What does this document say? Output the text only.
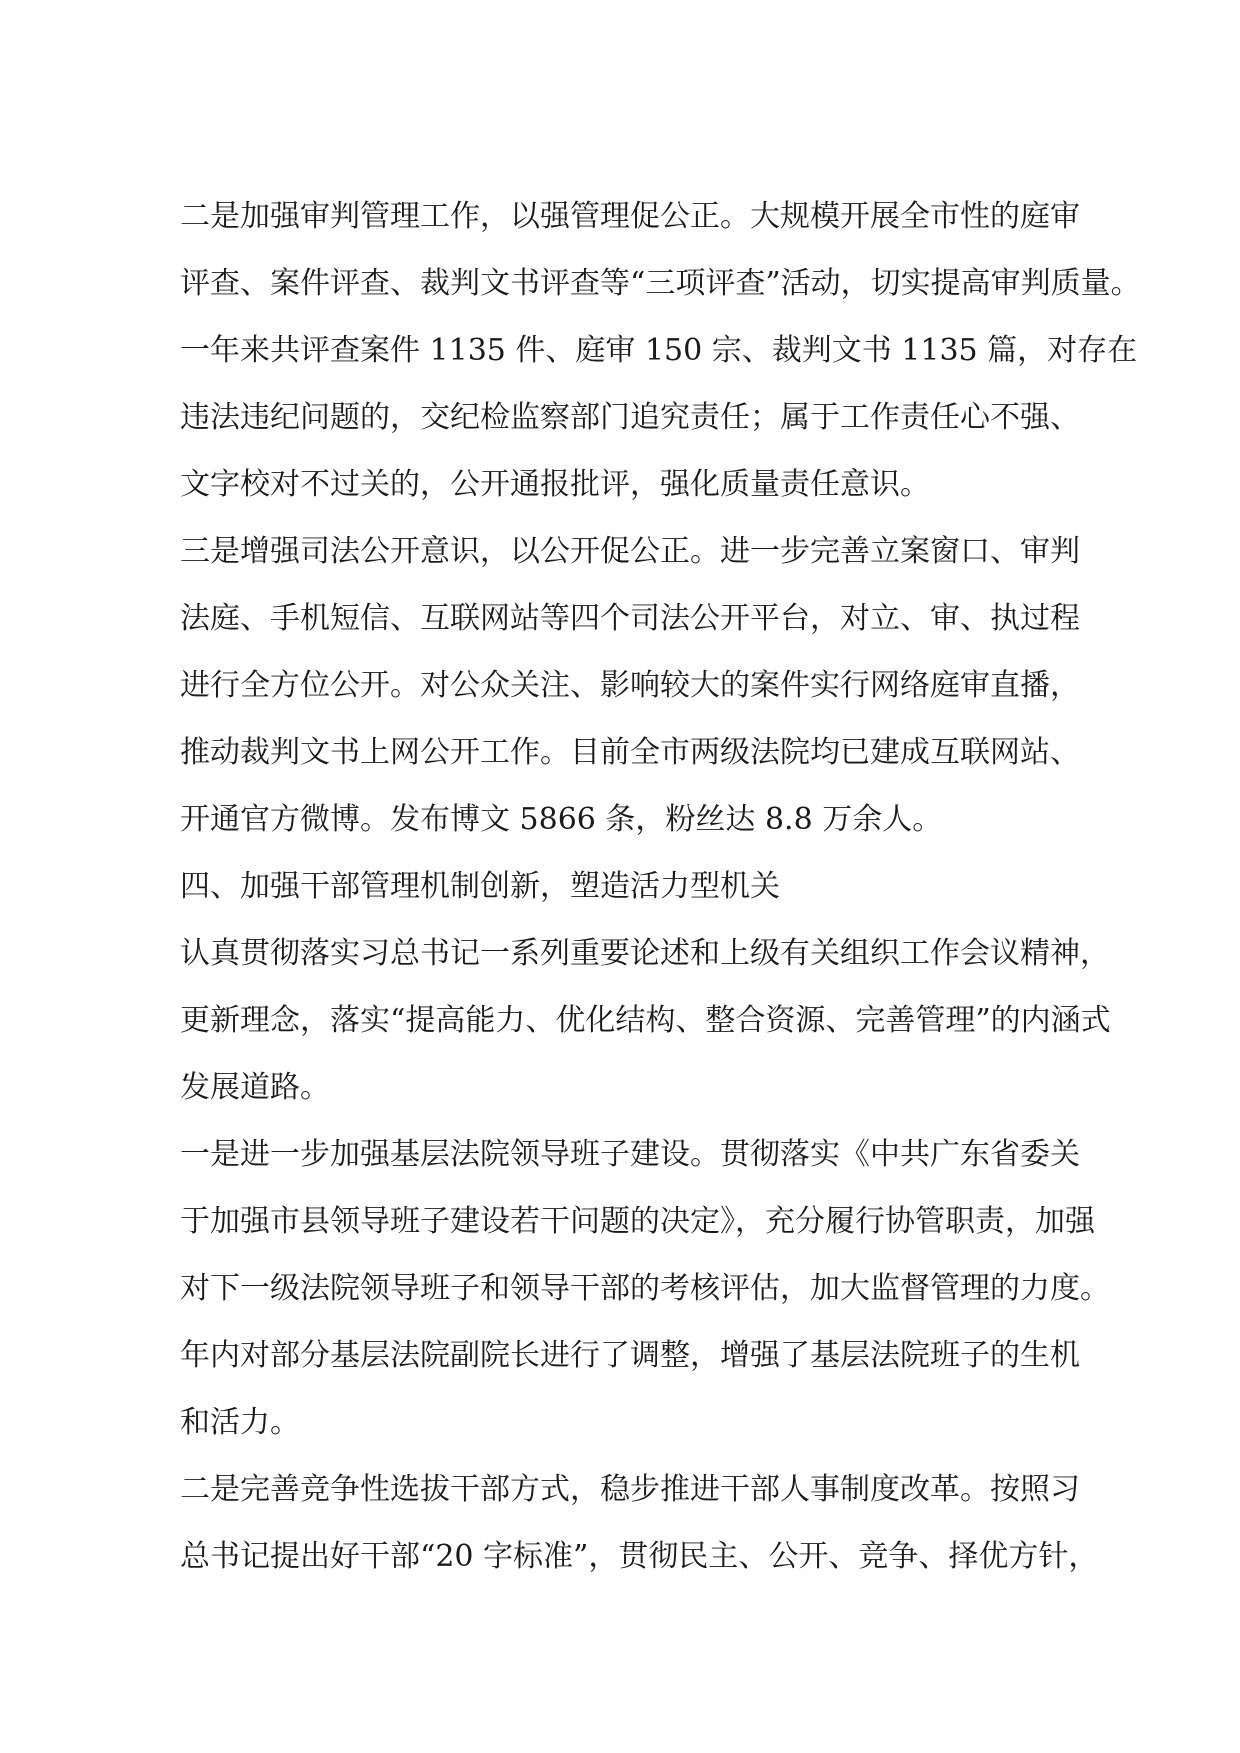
二是加强审判管理工作，以强管理促公正。大规模开展全市性的庭审
评查、案件评查、裁判文书评查等“三项评查”活动，切实提高审判质量。
一年来共评查案件 1135 件、庭审 150 宗、裁判文书 1135 篇，对存在
违法违纪问题的，交纪检监察部门追究责任；属于工作责任心不强、
文字校对不过关的，公开通报批评，强化质量责任意识。
三是增强司法公开意识，以公开促公正。进一步完善立案窗口、审判
法庭、手机短信、互联网站等四个司法公开平台，对立、审、执过程
进行全方位公开。对公众关注、影响较大的案件实行网络庭审直播，
推动裁判文书上网公开工作。目前全市两级法院均已建成互联网站、
开通官方微博。发布博文 5866 条，粉丝达 8.8 万余人。
四、加强干部管理机制创新，塑造活力型机关
认真贯彻落实习总书记一系列重要论述和上级有关组织工作会议精神，
更新理念，落实“提高能力、优化结构、整合资源、完善管理”的内涵式
发展道路。
一是进一步加强基层法院领导班子建设。贯彻落实《中共广东省委关
于加强市县领导班子建设若干问题的决定》，充分履行协管职责，加强
对下一级法院领导班子和领导干部的考核评估，加大监督管理的力度。
年内对部分基层法院副院长进行了调整，增强了基层法院班子的生机
和活力。
二是完善竞争性选拔干部方式，稳步推进干部人事制度改革。按照习
总书记提出好干部“20 字标准”，贯彻民主、公开、竞争、择优方针，
